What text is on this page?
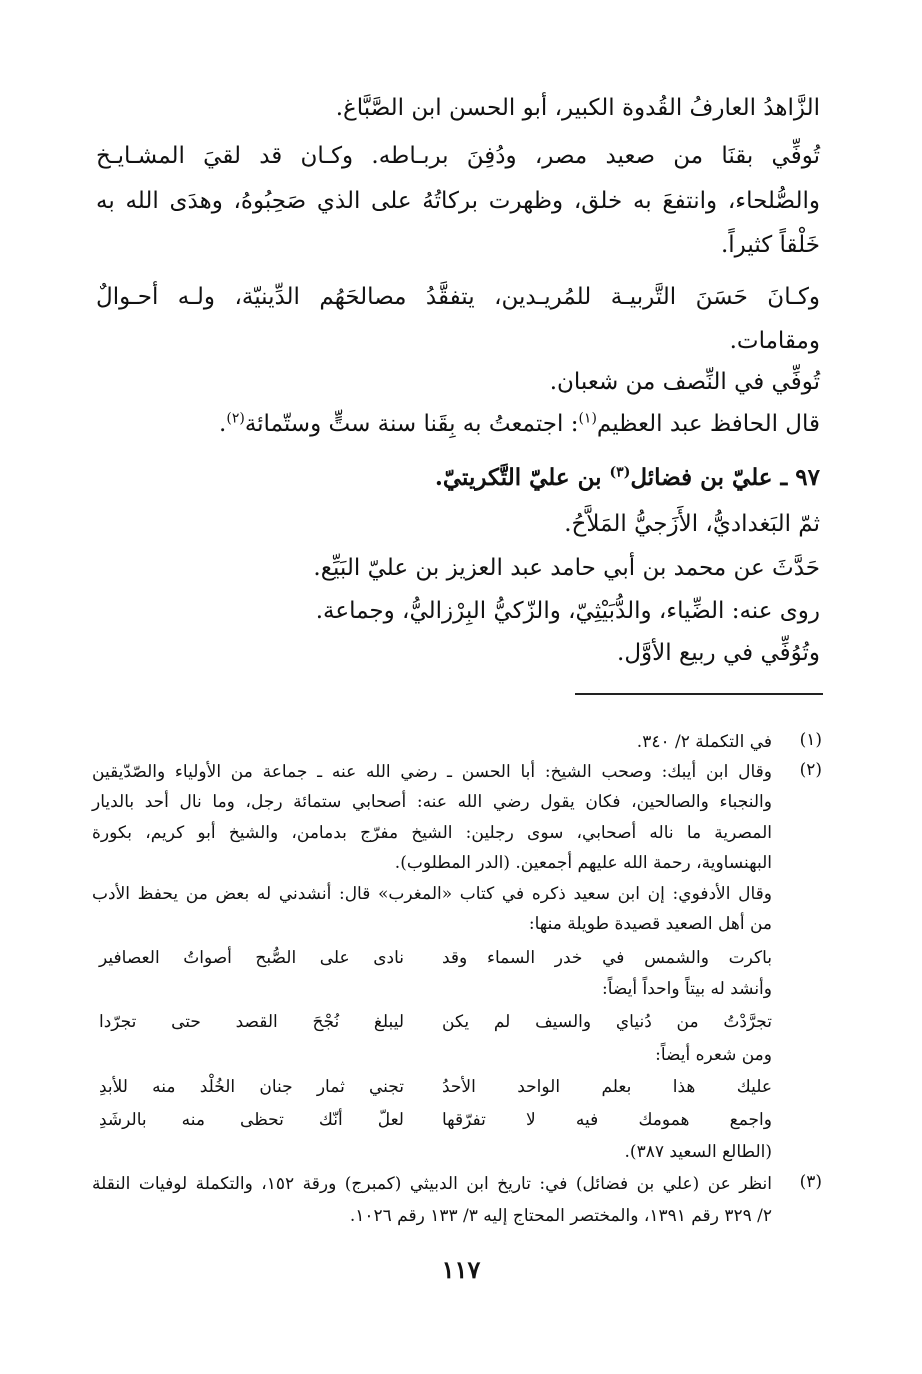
الزَّاهدُ العارفُ القُدوة الكبير، أبو الحسن ابن الصَّبَّاغ.
تُوفِّي بقنَا من صعيد مصر، ودُفِنَ بربـاطه. وكـان قد لقيَ المشـايـخ
والصُّلحاء، وانتفعَ به خلق، وظهرت بركاتُهُ على الذي صَحِبُوهُ، وهدَى الله به
خَلْقاً كثيراً.
وكـانَ حَسَنَ التَّربيـة للمُريـدين، يتفقَّدُ مصالحَهُم الدِّينيّة، ولـه أحـوالٌ
ومقامات.
تُوفِّي في النِّصف من شعبان.
قال الحافظ عبد العظيم$^{(١)}$: اجتمعتُ به بِقَنا سنة ستٍّ وستّمائة$^{(٢)}$.
٩٧ ـ عليّ بن فضائل$^{(٣)}$ بن عليّ التَّكريتيّ.
ثمّ البَغداديُّ، الأَزَجيُّ المَلاَّحُ.
حَدَّثَ عن محمد بن أبي حامد عبد العزيز بن عليّ البَيِّع.
روى عنه: الضِّياء، والدُّبَيْثِيّ، والزّكيُّ البِرْزاليُّ، وجماعة.
وتُوُفِّي في ربيع الأوَّل.
(١)
في التكملة ٢/ ٣٤٠.
(٢)
وقال ابن أيبك: وصحب الشيخ: أبا الحسن ـ رضي الله عنه ـ جماعة من الأولياء والصّدّيقين
والنجباء والصالحين، فكان يقول رضي الله عنه: أصحابي ستمائة رجل، وما نال أحد بالديار
المصرية ما ناله أصحابي، سوى رجلين: الشيخ مفرّج بدمامن، والشيخ أبو كريم، بكورة
البهنساوية، رحمة الله عليهم أجمعين. (الدر المطلوب).
وقال الأدفوي: إن ابن سعيد ذكره في كتاب «المغرب» قال: أنشدني له بعض من يحفظ الأدب
من أهل الصعيد قصيدة طويلة منها:
باكرت والشمس في خدر السماء وقد
نادى على الصُّبح أصواتُ العصافير
وأنشد له بيتاً واحداً أيضاً:
تجرَّدْتُ من دُنياي والسيف لم يكن
ليبلغ نُجْحَ القصد حتى تجرّدا
ومن شعره أيضاً:
عليك هذا بعلم الواحد الأحدُ
تجني ثمار جنان الخُلْد منه للأبدِ
واجمع همومك فيه لا تفرّقها
لعلّ أنّك تحظى منه بالرشَدِ
(الطالع السعيد ٣٨٧).
(٣)
انظر عن (علي بن فضائل) في: تاريخ ابن الدبيثي (كمبرج) ورقة ١٥٢، والتكملة لوفيات النقلة
٢/ ٣٢٩ رقم ١٣٩١، والمختصر المحتاج إليه ٣/ ١٣٣ رقم ١٠٢٦.
١١٧
